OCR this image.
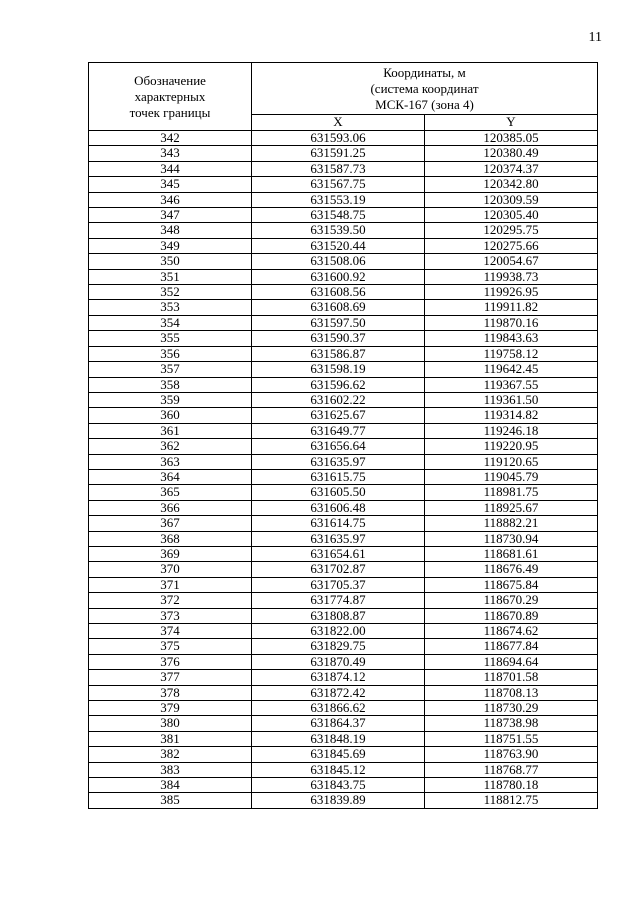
11
Обозначение
характерных
точек границы	Координаты, м
(система координат
МСК-167 (зона 4)	

	X	Y
342	631593.06	120385.05
343	631591.25	120380.49
344	631587.73	120374.37
345	631567.75	120342.80
346	631553.19	120309.59
347	631548.75	120305.40
348	631539.50	120295.75
349	631520.44	120275.66
350	631508.06	120054.67
351	631600.92	119938.73
352	631608.56	119926.95
353	631608.69	119911.82
354	631597.50	119870.16
355	631590.37	119843.63
356	631586.87	119758.12
357	631598.19	119642.45
358	631596.62	119367.55
359	631602.22	119361.50
360	631625.67	119314.82
361	631649.77	119246.18
362	631656.64	119220.95
363	631635.97	119120.65
364	631615.75	119045.79
365	631605.50	118981.75
366	631606.48	118925.67
367	631614.75	118882.21
368	631635.97	118730.94
369	631654.61	118681.61
370	631702.87	118676.49
371	631705.37	118675.84
372	631774.87	118670.29
373	631808.87	118670.89
374	631822.00	118674.62
375	631829.75	118677.84
376	631870.49	118694.64
377	631874.12	118701.58
378	631872.42	118708.13
379	631866.62	118730.29
380	631864.37	118738.98
381	631848.19	118751.55
382	631845.69	118763.90
383	631845.12	118768.77
384	631843.75	118780.18
385	631839.89	118812.75
